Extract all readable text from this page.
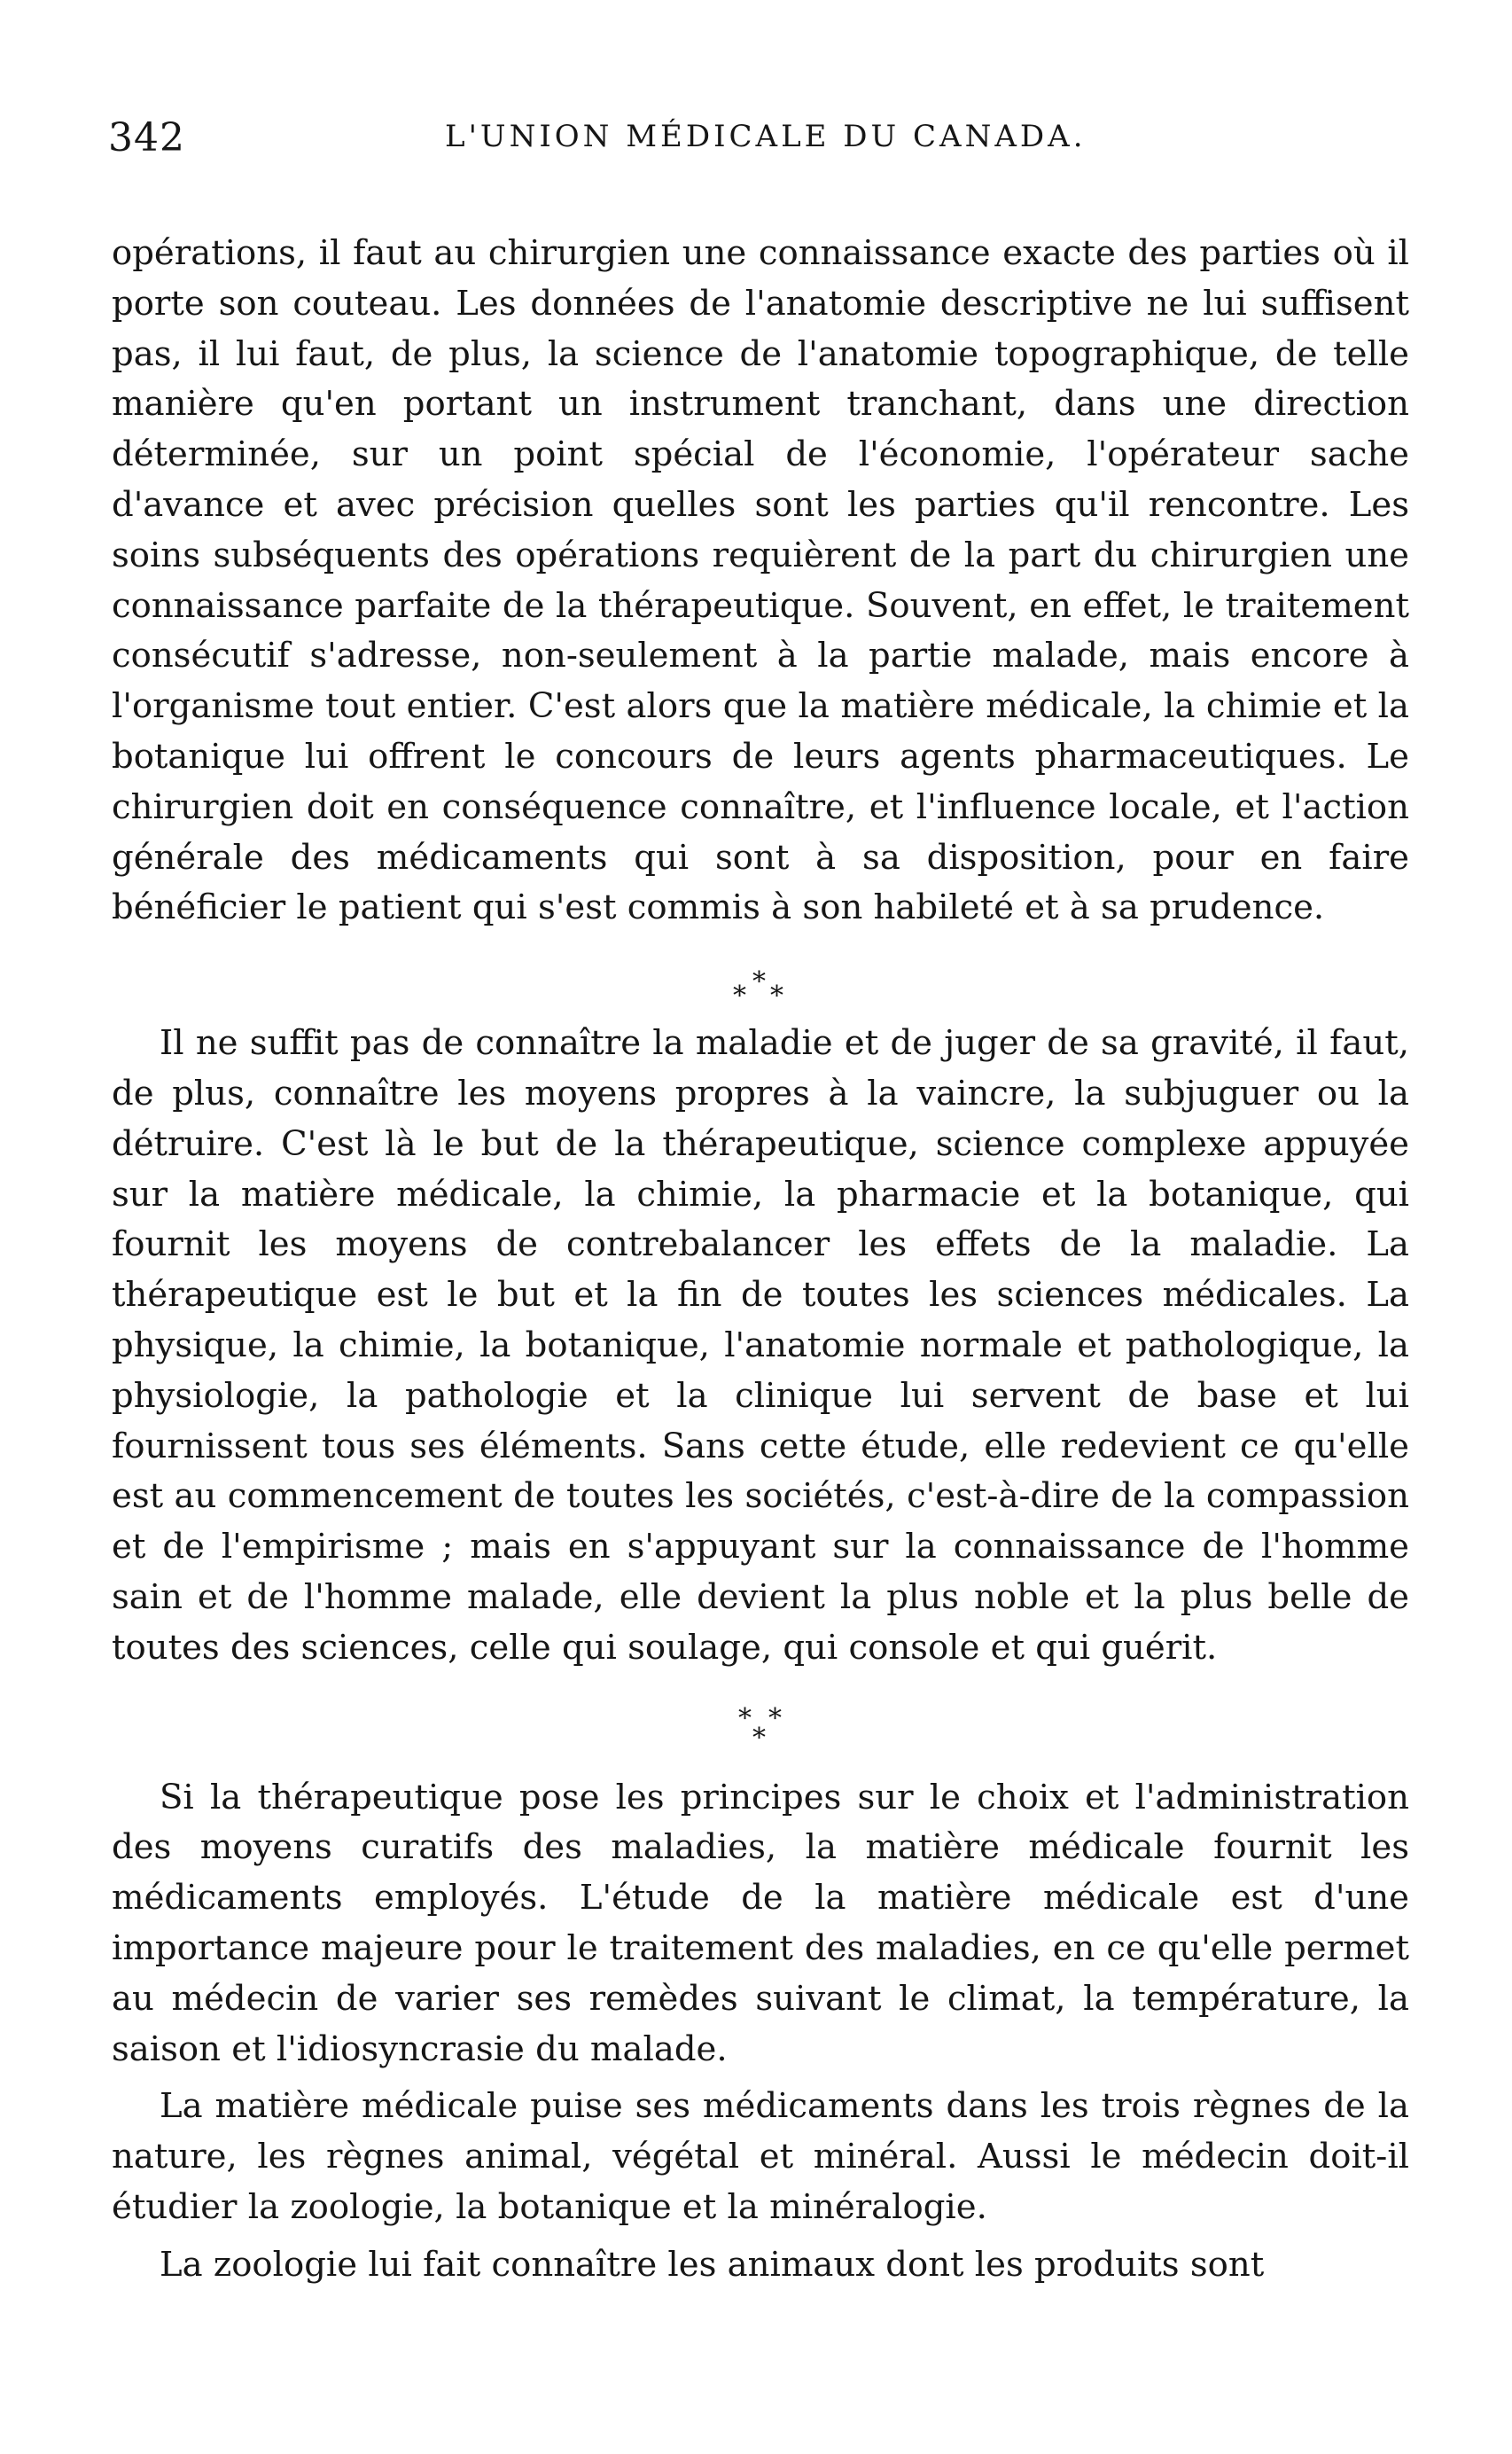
342	L'UNION MÉDICALE DU CANADA.

opérations, il faut au chirurgien une connaissance exacte des parties où il porte son couteau. Les données de l'anatomie descriptive ne lui suffisent pas, il lui faut, de plus, la science de l'anatomie topographique, de telle manière qu'en portant un instrument tranchant, dans une direction déterminée, sur un point spécial de l'économie, l'opérateur sache d'avance et avec précision quelles sont les parties qu'il rencontre. Les soins subséquents des opérations requièrent de la part du chirurgien une connaissance parfaite de la thérapeutique. Souvent, en effet, le traitement consécutif s'adresse, non-seulement à la partie malade, mais encore à l'organisme tout entier. C'est alors que la matière médicale, la chimie et la botanique lui offrent le concours de leurs agents pharmaceutiques. Le chirurgien doit en conséquence connaître, et l'influence locale, et l'action générale des médicaments qui sont à sa disposition, pour en faire bénéficier le patient qui s'est commis à son habileté et à sa prudence.

*
* *

Il ne suffit pas de connaître la maladie et de juger de sa gravité, il faut, de plus, connaître les moyens propres à la vaincre, la subjuguer ou la détruire. C'est là le but de la thérapeutique, science complexe appuyée sur la matière médicale, la chimie, la pharmacie et la botanique, qui fournit les moyens de contrebalancer les effets de la maladie. La thérapeutique est le but et la fin de toutes les sciences médicales. La physique, la chimie, la botanique, l'anatomie normale et pathologique, la physiologie, la pathologie et la clinique lui servent de base et lui fournissent tous ses éléments. Sans cette étude, elle redevient ce qu'elle est au commencement de toutes les sociétés, c'est-à-dire de la compassion et de l'empirisme ; mais en s'appuyant sur la connaissance de l'homme sain et de l'homme malade, elle devient la plus noble et la plus belle de toutes des sciences, celle qui soulage, qui console et qui guérit.

* *
*

Si la thérapeutique pose les principes sur le choix et l'administration des moyens curatifs des maladies, la matière médicale fournit les médicaments employés. L'étude de la matière médicale est d'une importance majeure pour le traitement des maladies, en ce qu'elle permet au médecin de varier ses remèdes suivant le climat, la température, la saison et l'idiosyncrasie du malade.

La matière médicale puise ses médicaments dans les trois règnes de la nature, les règnes animal, végétal et minéral. Aussi le médecin doit-il étudier la zoologie, la botanique et la minéralogie.

La zoologie lui fait connaître les animaux dont les produits sont
